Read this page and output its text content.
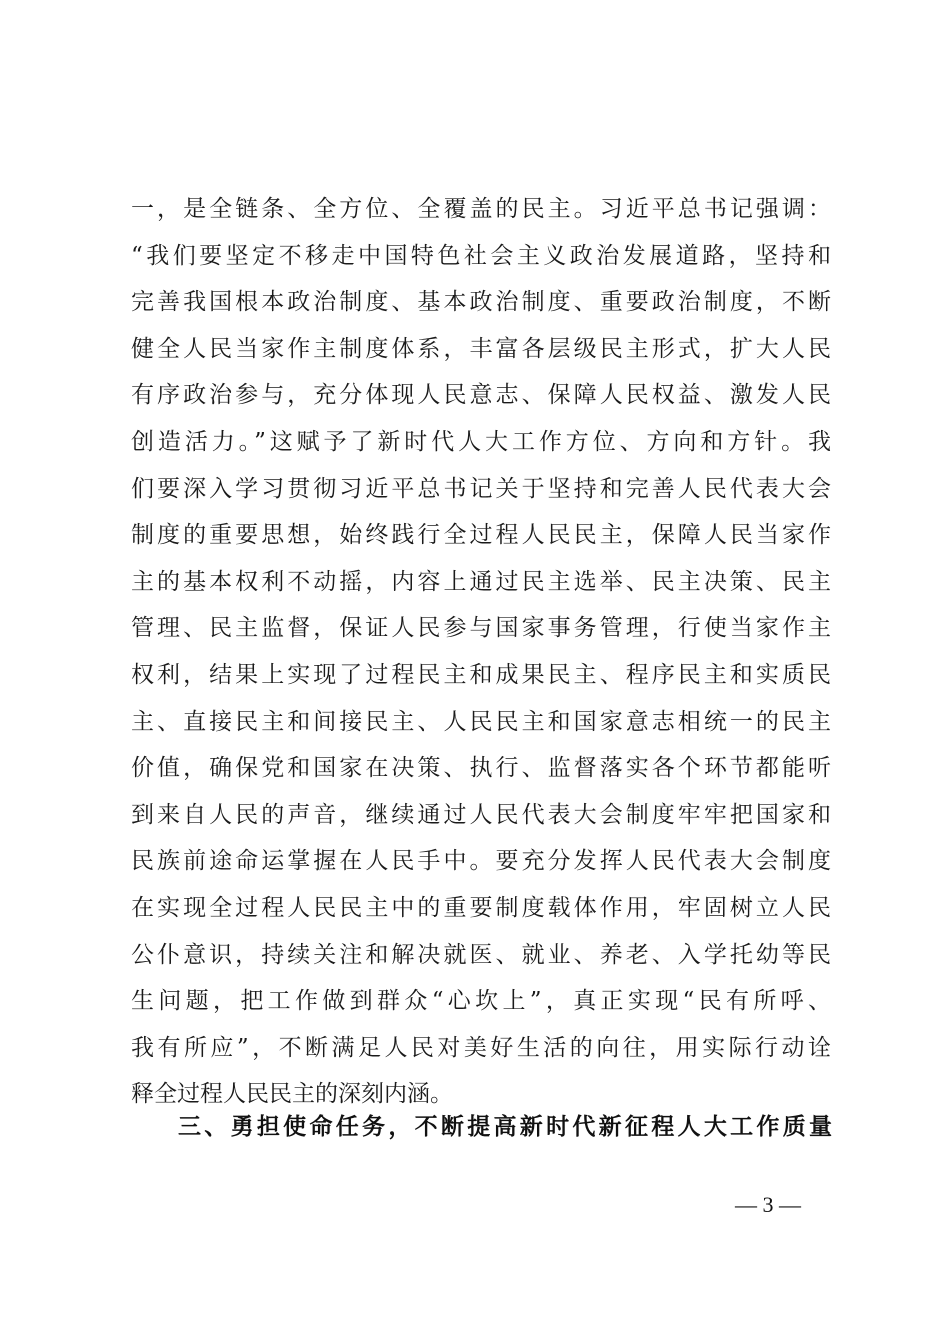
一，是全链条、全方位、全覆盖的民主。习近平总书记强调：
“我们要坚定不移走中国特色社会主义政治发展道路，坚持和
完善我国根本政治制度、基本政治制度、重要政治制度，不断
健全人民当家作主制度体系，丰富各层级民主形式，扩大人民
有序政治参与，充分体现人民意志、保障人民权益、激发人民
创造活力。”这赋予了新时代人大工作方位、方向和方针。我
们要深入学习贯彻习近平总书记关于坚持和完善人民代表大会
制度的重要思想，始终践行全过程人民民主，保障人民当家作
主的基本权利不动摇，内容上通过民主选举、民主决策、民主
管理、民主监督，保证人民参与国家事务管理，行使当家作主
权利，结果上实现了过程民主和成果民主、程序民主和实质民
主、直接民主和间接民主、人民民主和国家意志相统一的民主
价值，确保党和国家在决策、执行、监督落实各个环节都能听
到来自人民的声音，继续通过人民代表大会制度牢牢把国家和
民族前途命运掌握在人民手中。要充分发挥人民代表大会制度
在实现全过程人民民主中的重要制度载体作用，牢固树立人民
公仆意识，持续关注和解决就医、就业、养老、入学托幼等民
生问题，把工作做到群众“心坎上”，真正实现“民有所呼、
我有所应”，不断满足人民对美好生活的向往，用实际行动诠
释全过程人民民主的深刻内涵。
三、勇担使命任务，不断提高新时代新征程人大工作质量
— 3 —
